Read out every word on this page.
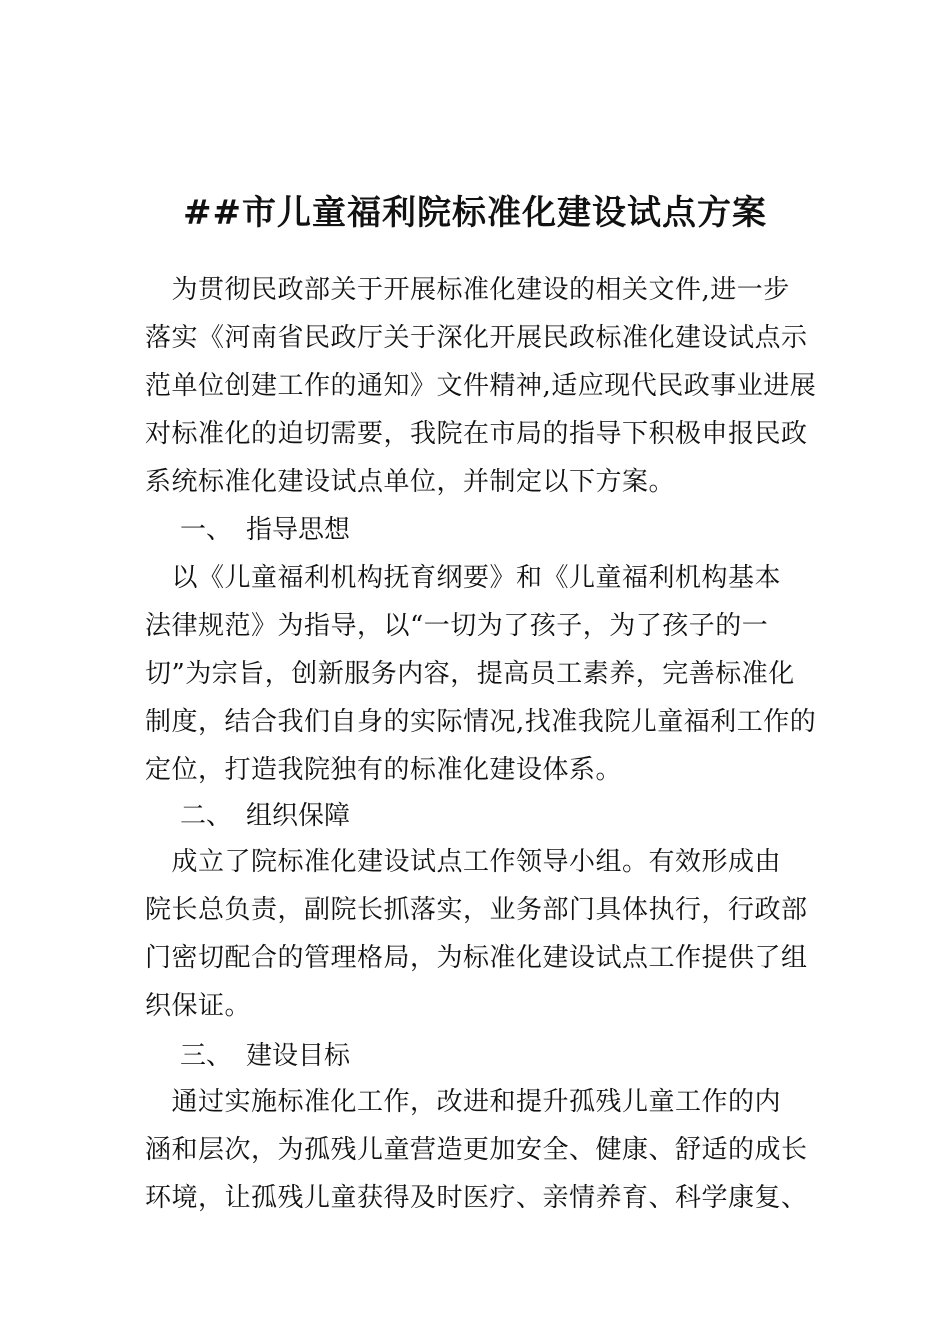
##市儿童福利院标准化建设试点方案

　为贯彻民政部关于开展标准化建设的相关文件,进一步
落实《河南省民政厅关于深化开展民政标准化建设试点示
范单位创建工作的通知》文件精神,适应现代民政事业进展
对标准化的迫切需要，我院在市局的指导下积极申报民政
系统标准化建设试点单位，并制定以下方案。

一、 指导思想

　以《儿童福利机构抚育纲要》和《儿童福利机构基本
法律规范》为指导，以“一切为了孩子，为了孩子的一
切”为宗旨，创新服务内容，提高员工素养，完善标准化
制度，结合我们自身的实际情况,找准我院儿童福利工作的
定位，打造我院独有的标准化建设体系。

二、 组织保障

　成立了院标准化建设试点工作领导小组。有效形成由
院长总负责，副院长抓落实，业务部门具体执行，行政部
门密切配合的管理格局，为标准化建设试点工作提供了组
织保证。

三、 建设目标

　通过实施标准化工作，改进和提升孤残儿童工作的内
涵和层次，为孤残儿童营造更加安全、健康、舒适的成长
环境，让孤残儿童获得及时医疗、亲情养育、科学康复、
